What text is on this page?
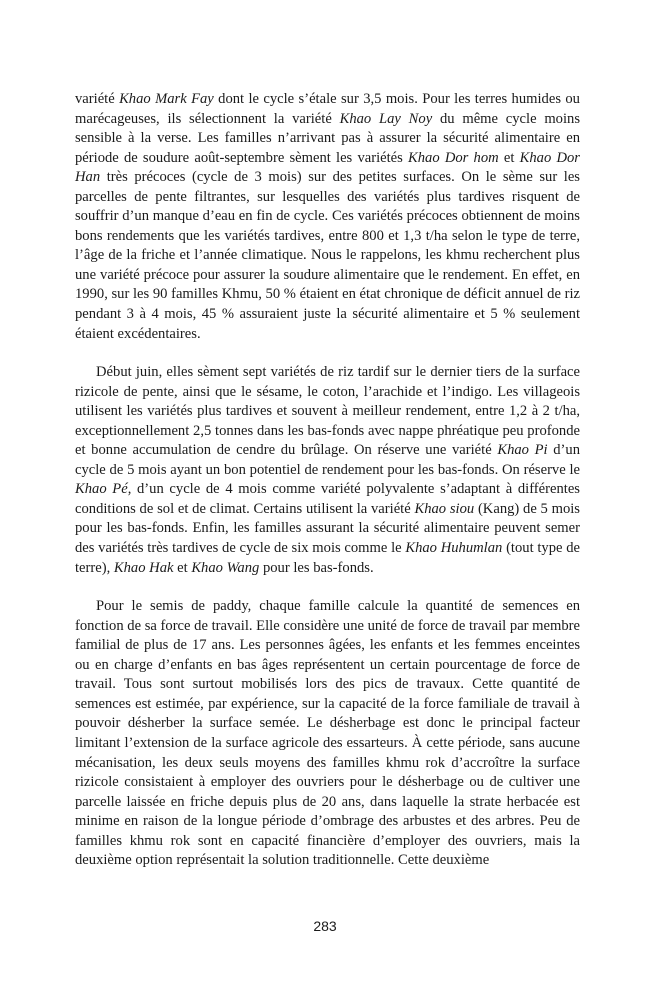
variété Khao Mark Fay dont le cycle s’étale sur 3,5 mois. Pour les terres humides ou marécageuses, ils sélectionnent la variété Khao Lay Noy du même cycle moins sensible à la verse. Les familles n’arrivant pas à assurer la sécurité alimentaire en période de soudure août-septembre sèment les variétés Khao Dor hom et Khao Dor Han très précoces (cycle de 3 mois) sur des petites surfaces. On le sème sur les parcelles de pente filtrantes, sur lesquelles des variétés plus tardives risquent de souffrir d’un manque d’eau en fin de cycle. Ces variétés précoces obtiennent de moins bons rendements que les variétés tardives, entre 800 et 1,3 t/ha selon le type de terre, l’âge de la friche et l’année climatique. Nous le rappelons, les khmu recherchent plus une variété précoce pour assurer la soudure alimentaire que le rendement. En effet, en 1990, sur les 90 familles Khmu, 50 % étaient en état chronique de déficit annuel de riz pendant 3 à 4 mois, 45 % assuraient juste la sécurité alimentaire et 5 % seulement étaient excédentaires.

Début juin, elles sèment sept variétés de riz tardif sur le dernier tiers de la surface rizicole de pente, ainsi que le sésame, le coton, l’arachide et l’indigo. Les villageois utilisent les variétés plus tardives et souvent à meilleur rendement, entre 1,2 à 2 t/ha, exceptionnellement 2,5 tonnes dans les bas-fonds avec nappe phréatique peu profonde et bonne accumulation de cendre du brûlage. On réserve une variété Khao Pi d’un cycle de 5 mois ayant un bon potentiel de rendement pour les bas-fonds. On réserve le Khao Pé, d’un cycle de 4 mois comme variété polyvalente s’adaptant à différentes conditions de sol et de climat. Certains utilisent la variété Khao siou (Kang) de 5 mois pour les bas-fonds. Enfin, les familles assurant la sécurité alimentaire peuvent semer des variétés très tardives de cycle de six mois comme le Khao Huhumlan (tout type de terre), Khao Hak et Khao Wang pour les bas-fonds.

Pour le semis de paddy, chaque famille calcule la quantité de semences en fonction de sa force de travail. Elle considère une unité de force de travail par membre familial de plus de 17 ans. Les personnes âgées, les enfants et les femmes enceintes ou en charge d’enfants en bas âges représentent un certain pourcentage de force de travail. Tous sont surtout mobilisés lors des pics de travaux. Cette quantité de semences est estimée, par expérience, sur la capacité de la force familiale de travail à pouvoir désherber la surface semée. Le désherbage est donc le principal facteur limitant l’extension de la surface agricole des essarteurs. À cette période, sans aucune mécanisation, les deux seuls moyens des familles khmu rok d’accroître la surface rizicole consistaient à employer des ouvriers pour le désherbage ou de cultiver une parcelle laissée en friche depuis plus de 20 ans, dans laquelle la strate herbacée est minime en raison de la longue période d’ombrage des arbustes et des arbres. Peu de familles khmu rok sont en capacité financière d’employer des ouvriers, mais la deuxième option représentait la solution traditionnelle. Cette deuxième

283
